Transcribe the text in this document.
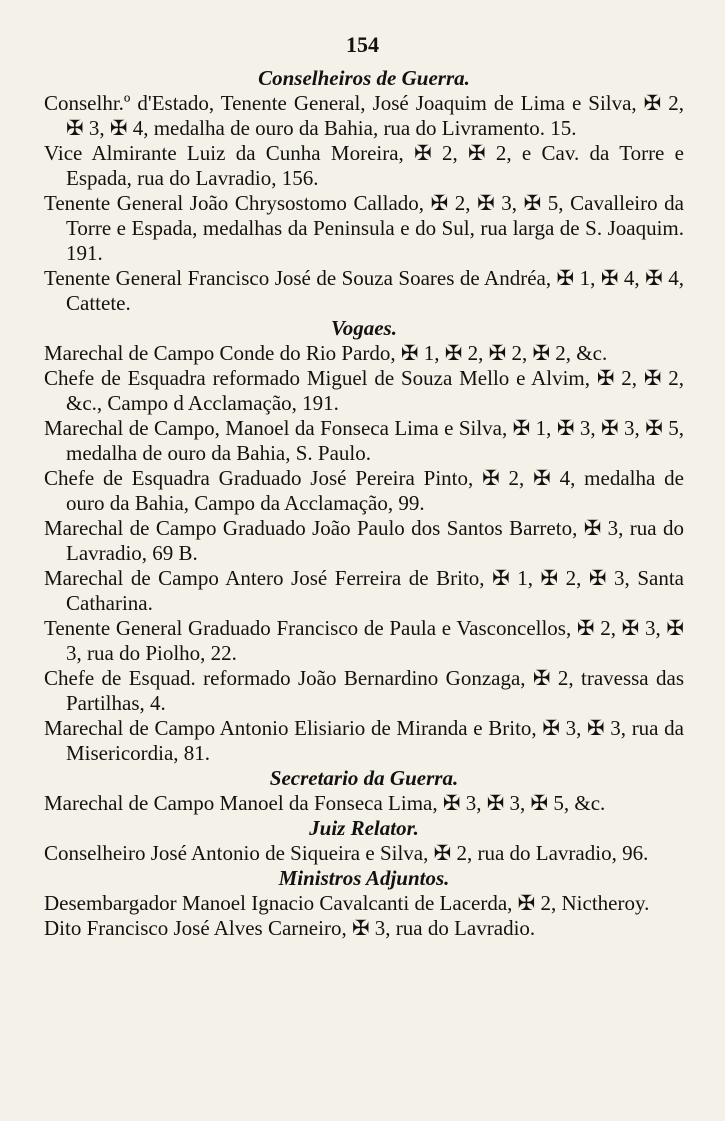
154

Conselheiros de Guerra.

Conselhr.º d'Estado, Tenente General, José Joaquim de Lima e Silva, ✠ 2, ✠ 3, ✠ 4, medalha de ouro da Bahia, rua do Livramento. 15.

Vice Almirante Luiz da Cunha Moreira, ✠ 2, ✠ 2, e Cav. da Torre e Espada, rua do Lavradio, 156.

Tenente General João Chrysostomo Callado, ✠ 2, ✠ 3, ✠ 5, Cavalleiro da Torre e Espada, medalhas da Peninsula e do Sul, rua larga de S. Joaquim. 191.

Tenente General Francisco José de Souza Soares de Andréa, ✠ 1, ✠ 4, ✠ 4, Cattete.

Vogaes.

Marechal de Campo Conde do Rio Pardo, ✠ 1, ✠ 2, ✠ 2, ✠ 2, &c.

Chefe de Esquadra reformado Miguel de Souza Mello e Alvim, ✠ 2, ✠ 2, &c., Campo d Acclamação, 191.

Marechal de Campo, Manoel da Fonseca Lima e Silva, ✠ 1, ✠ 3, ✠ 3, ✠ 5, medalha de ouro da Bahia, S. Paulo.

Chefe de Esquadra Graduado José Pereira Pinto, ✠ 2, ✠ 4, medalha de ouro da Bahia, Campo da Acclamação, 99.

Marechal de Campo Graduado João Paulo dos Santos Barreto, ✠ 3, rua do Lavradio, 69 B.

Marechal de Campo Antero José Ferreira de Brito, ✠ 1, ✠ 2, ✠ 3, Santa Catharina.

Tenente General Graduado Francisco de Paula e Vasconcellos, ✠ 2, ✠ 3, ✠ 3, rua do Piolho, 22.

Chefe de Esquad. reformado João Bernardino Gonzaga, ✠ 2, travessa das Partilhas, 4.

Marechal de Campo Antonio Elisiario de Miranda e Brito, ✠ 3, ✠ 3, rua da Misericordia, 81.

Secretario da Guerra.

Marechal de Campo Manoel da Fonseca Lima, ✠ 3, ✠ 3, ✠ 5, &c.

Juiz Relator.

Conselheiro José Antonio de Siqueira e Silva, ✠ 2, rua do Lavradio, 96.

Ministros Adjuntos.

Desembargador Manoel Ignacio Cavalcanti de Lacerda, ✠ 2, Nictheroy.

Dito Francisco José Alves Carneiro, ✠ 3, rua do Lavradio.
